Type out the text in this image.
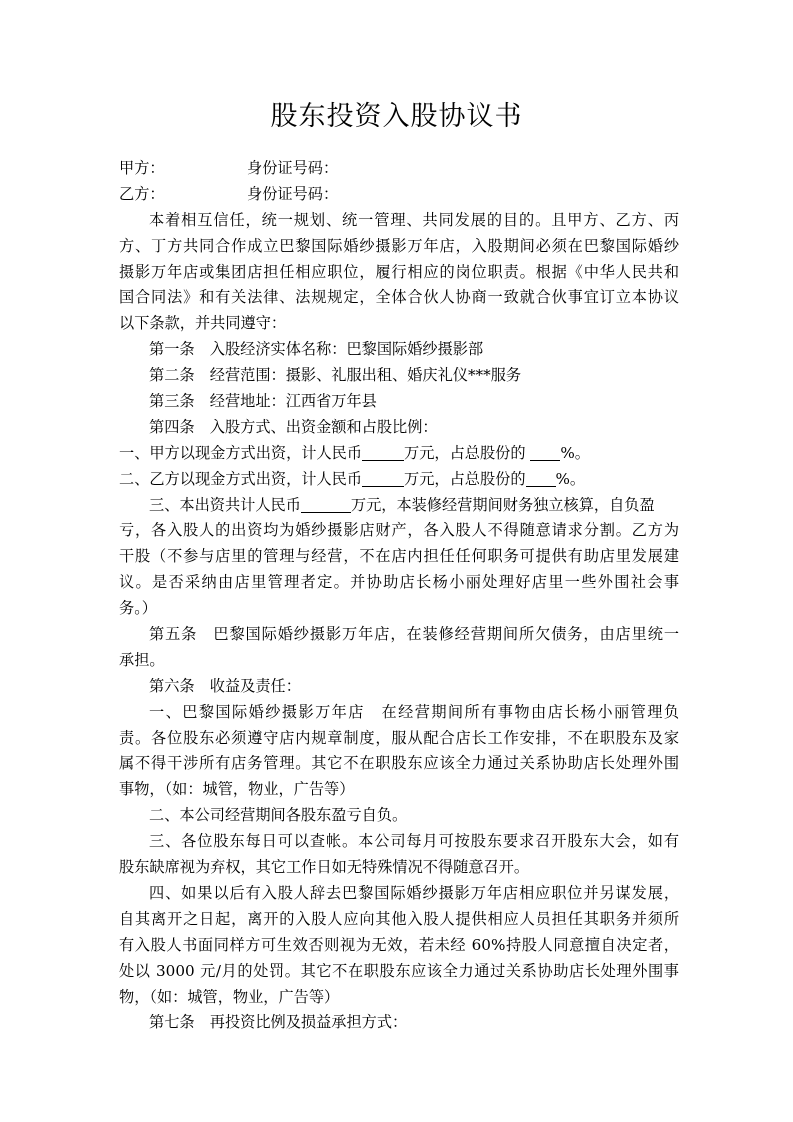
股东投资入股协议书
甲方：	身份证号码：
乙方：	身份证号码：
本着相互信任，统一规划、统一管理、共同发展的目的。且甲方、乙方、丙
方、丁方共同合作成立巴黎国际婚纱摄影万年店，入股期间必须在巴黎国际婚纱
摄影万年店或集团店担任相应职位，履行相应的岗位职责。根据《中华人民共和
国合同法》和有关法律、法规规定，全体合伙人协商一致就合伙事宜订立本协议
以下条款，并共同遵守：
第一条　入股经济实体名称：巴黎国际婚纱摄影部
第二条　经营范围：摄影、礼服出租、婚庆礼仪***服务
第三条　经营地址：江西省万年县
第四条　入股方式、出资金额和占股比例：
一、甲方以现金方式出资，计人民币	万元，占总股份的 %。
二、乙方以现金方式出资，计人民币	万元，占总股份的 %。
三、本出资共计人民币	万元，本装修经营期间财务独立核算，自负盈
亏，各入股人的出资均为婚纱摄影店财产，各入股人不得随意请求分割。乙方为
干股（不参与店里的管理与经营，不在店内担任任何职务可提供有助店里发展建
议。是否采纳由店里管理者定。并协助店长杨小丽处理好店里一些外围社会事
务。）
第五条　巴黎国际婚纱摄影万年店，在装修经营期间所欠债务，由店里统一
承担。
第六条　收益及责任：
一、巴黎国际婚纱摄影万年店　在经营期间所有事物由店长杨小丽管理负
责。各位股东必须遵守店内规章制度，服从配合店长工作安排，不在职股东及家
属不得干涉所有店务管理。其它不在职股东应该全力通过关系协助店长处理外围
事物，（如：城管，物业，广告等）
二、本公司经营期间各股东盈亏自负。
三、各位股东每日可以查帐。本公司每月可按股东要求召开股东大会，如有
股东缺席视为弃权，其它工作日如无特殊情况不得随意召开。
四、如果以后有入股人辞去巴黎国际婚纱摄影万年店相应职位并另谋发展，
自其离开之日起，离开的入股人应向其他入股人提供相应人员担任其职务并须所
有入股人书面同样方可生效否则视为无效，若未经 60%持股人同意擅自决定者，
处以 3000 元/月的处罚。其它不在职股东应该全力通过关系协助店长处理外围事
物，（如：城管，物业，广告等）
第七条　再投资比例及损益承担方式：
